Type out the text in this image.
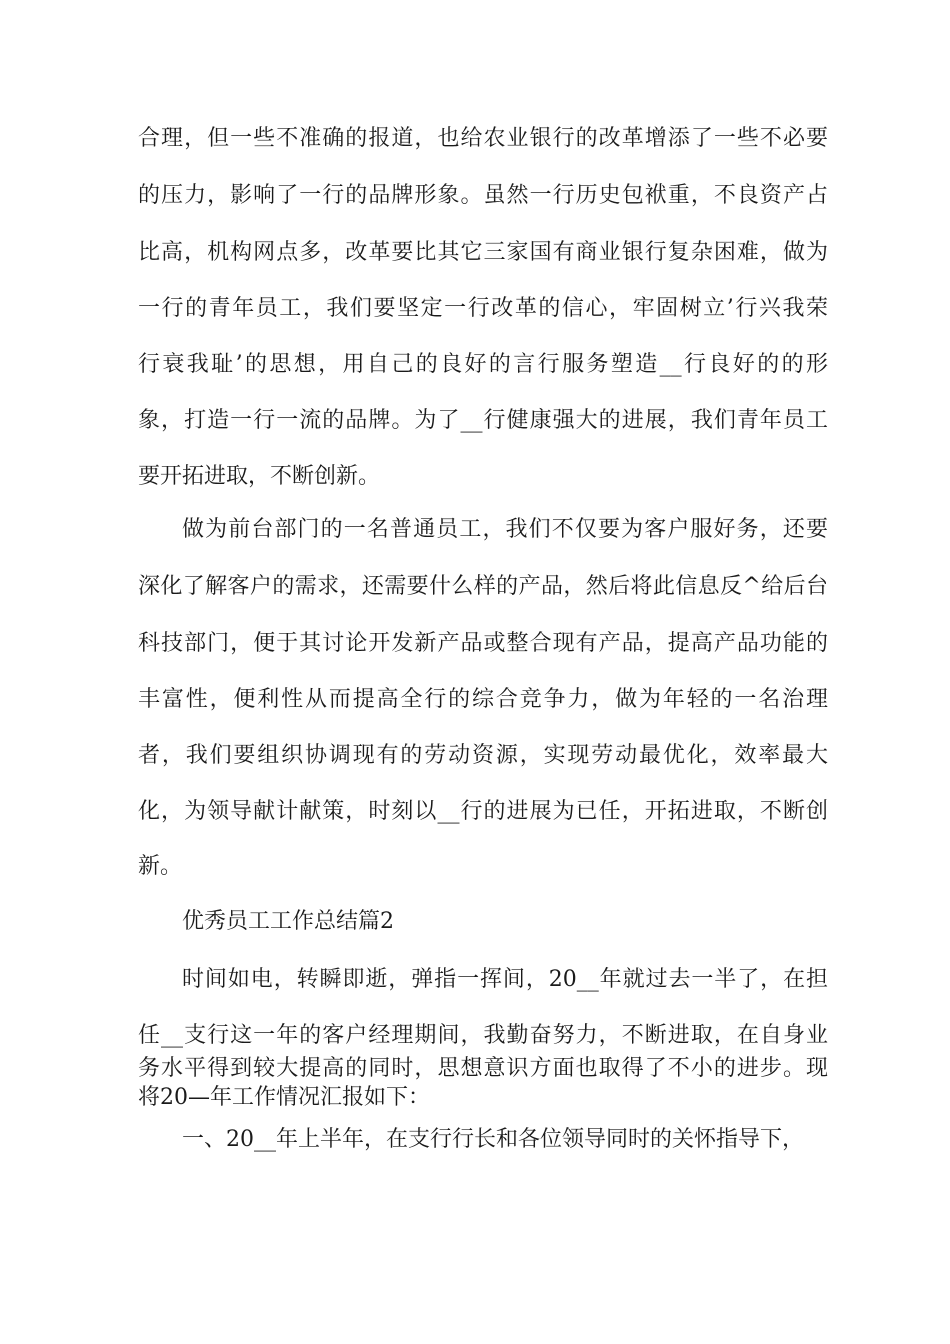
合理，但一些不准确的报道，也给农业银行的改革增添了一些不必要
的压力，影响了一行的品牌形象。虽然一行历史包袱重，不良资产占
比高，机构网点多，改革要比其它三家国有商业银行复杂困难，做为
一行的青年员工，我们要坚定一行改革的信心，牢固树立’行兴我荣
行衰我耻’的思想，用自己的良好的言行服务塑造__行良好的的形
象，打造一行一流的品牌。为了__行健康强大的进展，我们青年员工
要开拓进取，不断创新。
做为前台部门的一名普通员工，我们不仅要为客户服好务，还要
深化了解客户的需求，还需要什么样的产品，然后将此信息反^给后台
科技部门，便于其讨论开发新产品或整合现有产品，提高产品功能的
丰富性，便利性从而提高全行的综合竞争力，做为年轻的一名治理
者，我们要组织协调现有的劳动资源，实现劳动最优化，效率最大
化，为领导献计献策，时刻以__行的进展为已任，开拓进取，不断创
新。
优秀员工工作总结篇2
时间如电，转瞬即逝，弹指一挥间，20__年就过去一半了，在担
任__支行这一年的客户经理期间，我勤奋努力，不断进取，在自身业
务水平得到较大提高的同时，思想意识方面也取得了不小的进步。现
将20—年工作情况汇报如下：
一、20__年上半年，在支行行长和各位领导同时的关怀指导下，
